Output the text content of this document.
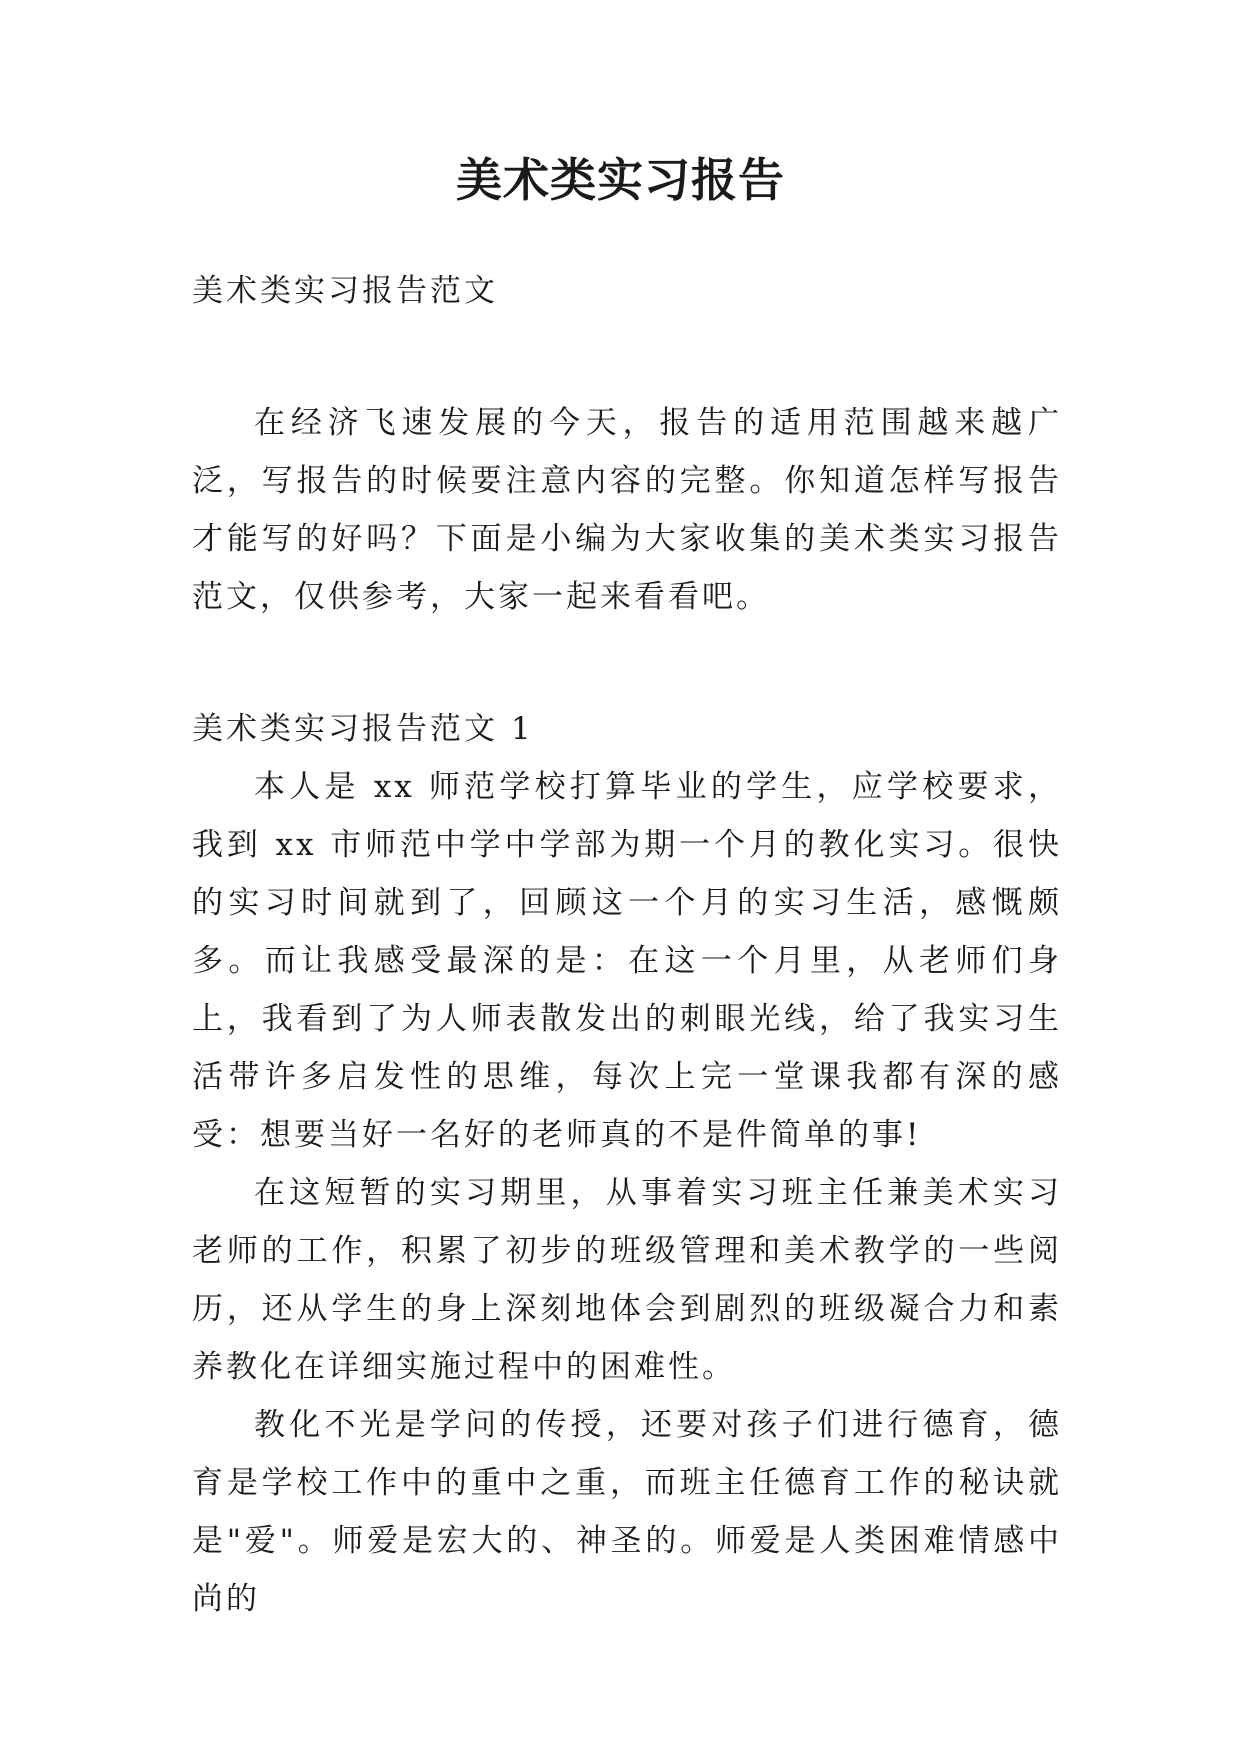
美术类实习报告

美术类实习报告范文

在经济飞速发展的今天，报告的适用范围越来越广泛，写报告的时候要注意内容的完整。你知道怎样写报告才能写的好吗？下面是小编为大家收集的美术类实习报告范文，仅供参考，大家一起来看看吧。

美术类实习报告范文 1

本人是 xx 师范学校打算毕业的学生，应学校要求，我到 xx 市师范中学中学部为期一个月的教化实习。很快的实习时间就到了，回顾这一个月的实习生活，感慨颇多。而让我感受最深的是：在这一个月里，从老师们身上，我看到了为人师表散发出的刺眼光线，给了我实习生活带许多启发性的思维，每次上完一堂课我都有深的感受：想要当好一名好的老师真的不是件简单的事!

在这短暂的实习期里，从事着实习班主任兼美术实习老师的工作，积累了初步的班级管理和美术教学的一些阅历，还从学生的身上深刻地体会到剧烈的班级凝合力和素养教化在详细实施过程中的困难性。

教化不光是学问的传授，还要对孩子们进行德育，德育是学校工作中的重中之重，而班主任德育工作的秘诀就是"爱"。师爱是宏大的、神圣的。师爱是人类困难情感中尚的
